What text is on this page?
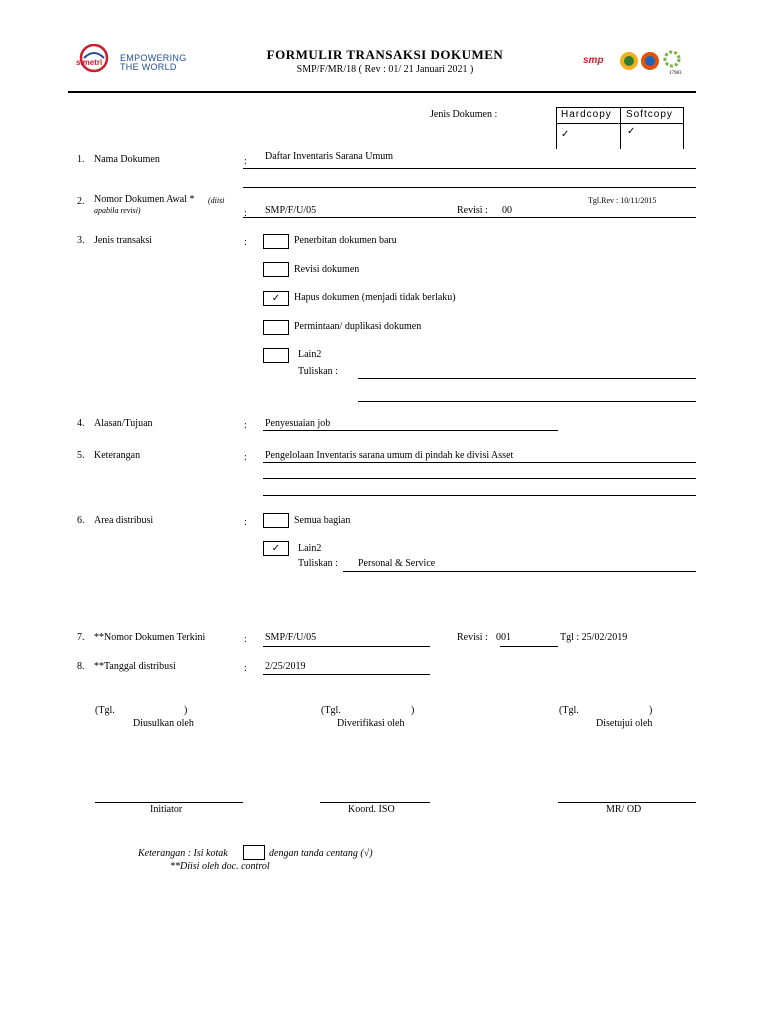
simetri EMPOWERING
THE WORLD
FORMULIR TRANSAKSI DOKUMEN
SMP/F/MR/18 ( Rev : 01/ 21 Januari 2021 )
smp
17983
Jenis Dokumen :	Hardcopy Softcopy
✓	✓
1. Nama Dokumen	: Daftar Inventaris Sarana Umum
2. Nomor Dokumen Awal *	(diisi apabila revisi)	: SMP/F/U/05	Revisi : 00
Tgl.Rev : 10/11/2015
3. Jenis transaksi	:	Penerbitan dokumen baru
Revisi dokumen
✓	Hapus dokumen (menjadi tidak berlaku)
Permintaan/ duplikasi dokumen
Lain2
Tuliskan :
4. Alasan/Tujuan	: Penyesuaian job
5. Keterangan	: Pengelolaan Inventaris sarana umum di pindah ke divisi Asset
6. Area distribusi	:	Semua bagian
✓	Lain2
Tuliskan : Personal & Service
7. **Nomor Dokumen Terkini	: SMP/F/U/05	Revisi : 001	Tgl : 25/02/2019
8. **Tanggal distribusi	: 2/25/2019
(Tgl.	)
Diusulkan oleh
Initiator
(Tgl.	)
Diverifikasi oleh
Koord. ISO
(Tgl.	)
Disetujui oleh
MR/ OD
Keterangan : Isi kotak	dengan tanda centang (√)
**Diisi oleh doc. control
